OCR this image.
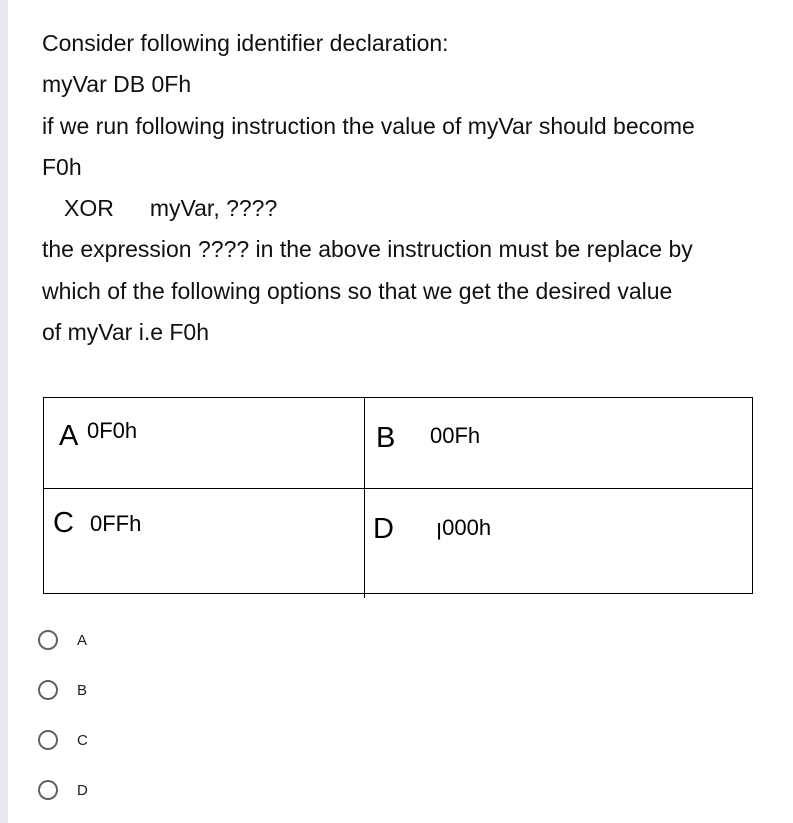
Consider following identifier declaration:
myVar DB 0Fh
if we run following instruction the value of myVar should become
F0h
XOR myVar, ????
the expression ???? in the above instruction must be replace by
which of the following options so that we get the desired value
of myVar i.e F0h
A 0F0h	B 00Fh
C 0FFh	D ꞁ000h
A
B
C
D
